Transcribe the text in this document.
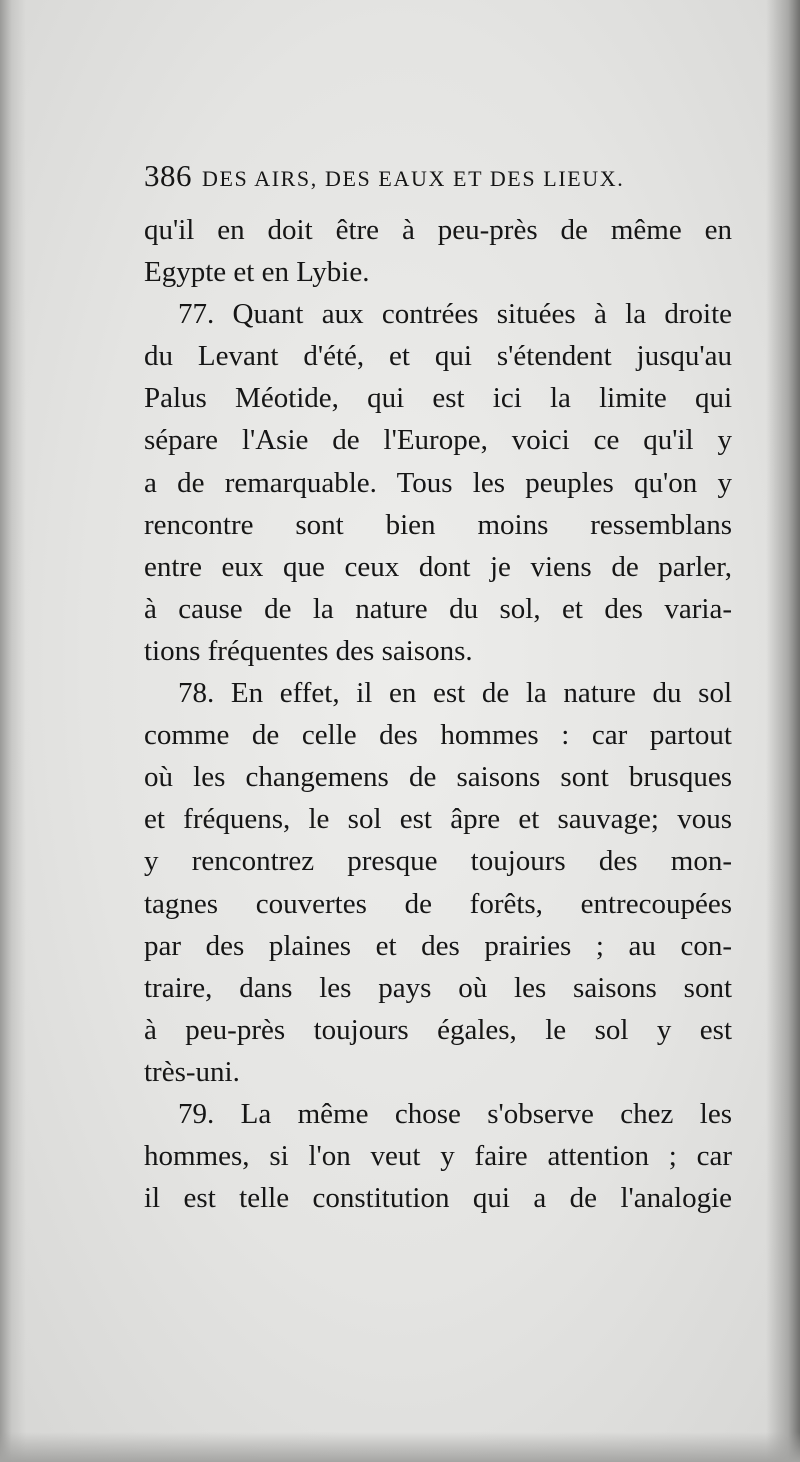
386 DES AIRS, DES EAUX ET DES LIEUX.
qu'il en doit être à peu-près de même en
Egypte et en Lybie.
77. Quant aux contrées situées à la droite
du Levant d'été, et qui s'étendent jusqu'au
Palus Méotide, qui est ici la limite qui
sépare l'Asie de l'Europe, voici ce qu'il y
a de remarquable. Tous les peuples qu'on y
rencontre sont bien moins ressemblans
entre eux que ceux dont je viens de parler,
à cause de la nature du sol, et des varia-
tions fréquentes des saisons.
78. En effet, il en est de la nature du sol
comme de celle des hommes : car partout
où les changemens de saisons sont brusques
et fréquens, le sol est âpre et sauvage; vous
y rencontrez presque toujours des mon-
tagnes couvertes de forêts, entrecoupées
par des plaines et des prairies ; au con-
traire, dans les pays où les saisons sont
à peu-près toujours égales, le sol y est
très-uni.
79. La même chose s'observe chez les
hommes, si l'on veut y faire attention ; car
il est telle constitution qui a de l'analogie
